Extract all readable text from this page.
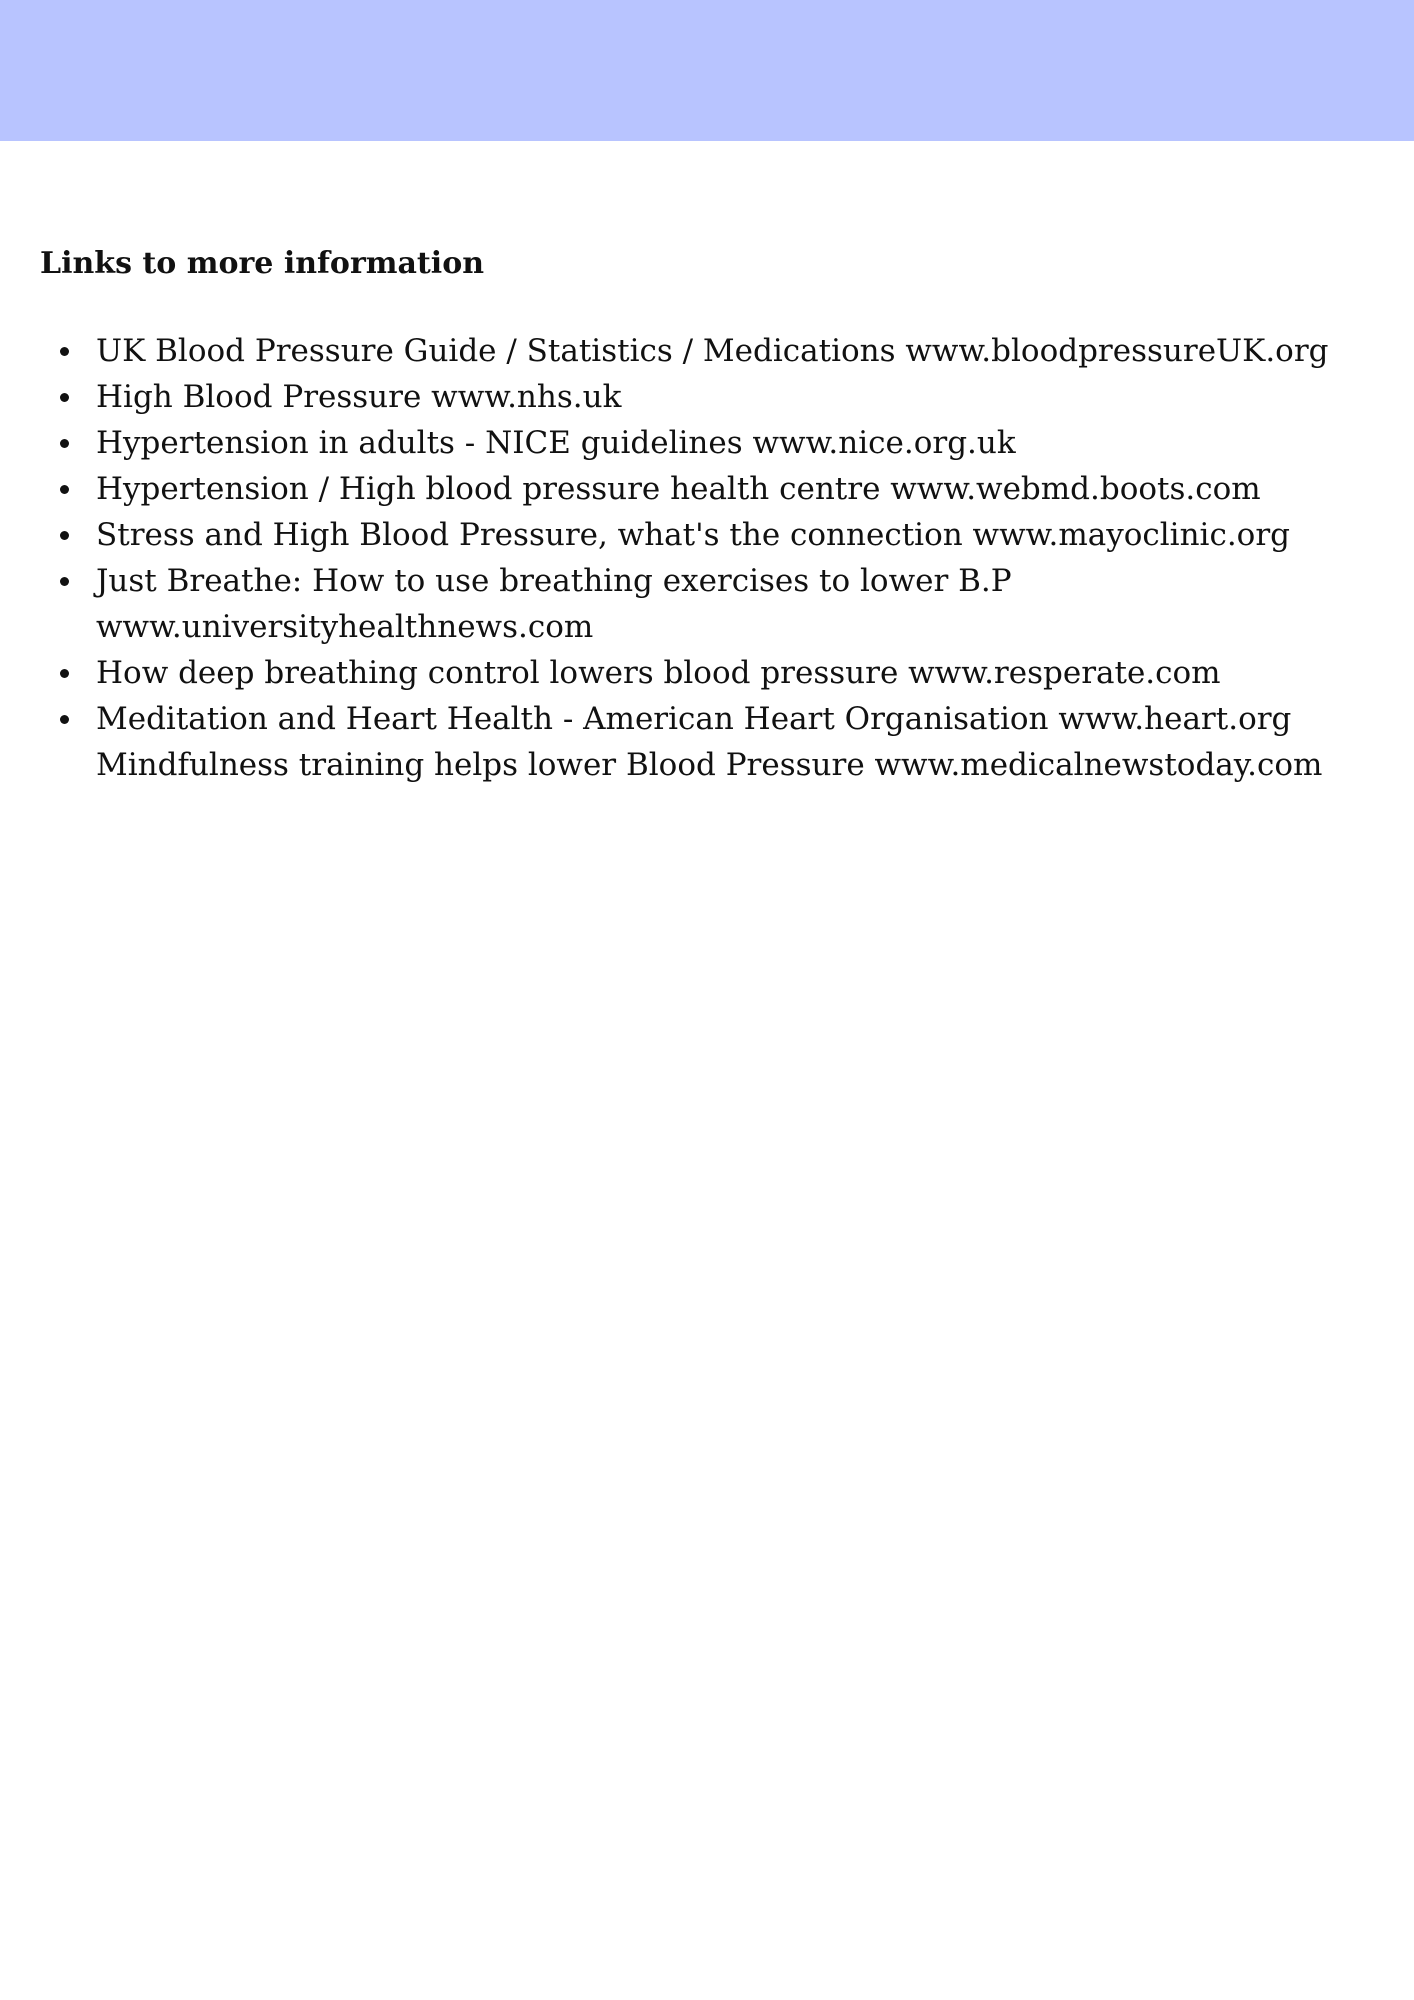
Links to more information
UK Blood Pressure Guide / Statistics / Medications www.bloodpressureUK.org
High Blood Pressure www.nhs.uk
Hypertension in adults - NICE guidelines www.nice.org.uk
Hypertension / High blood pressure health centre www.webmd.boots.com
Stress and High Blood Pressure, what's the connection www.mayoclinic.org
Just Breathe: How to use breathing exercises to lower B.P www.universityhealthnews.com
How deep breathing control lowers blood pressure www.resperate.com
Meditation and Heart Health - American Heart Organisation www.heart.org
Mindfulness training helps lower Blood Pressure www.medicalnewstoday.com
